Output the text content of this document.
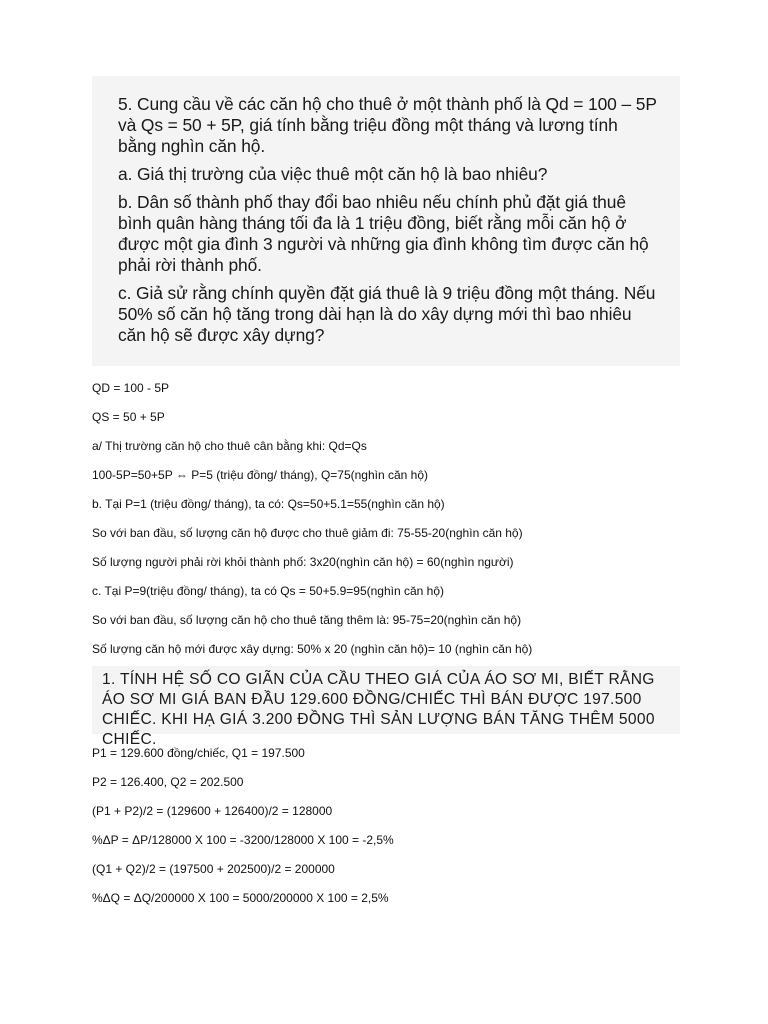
5. Cung cầu về các căn hộ cho thuê ở một thành phố là Qd = 100 – 5P và Qs = 50 + 5P, giá tính bằng triệu đồng một tháng và lương tính bằng nghìn căn hộ.

a. Giá thị trường của việc thuê một căn hộ là bao nhiêu?

b. Dân số thành phố thay đổi bao nhiêu nếu chính phủ đặt giá thuê bình quân hàng tháng tối đa là 1 triệu đồng, biết rằng mỗi căn hộ ở được một gia đình 3 người và những gia đình không tìm được căn hộ phải rời thành phố.

c. Giả sử rằng chính quyền đặt giá thuê là 9 triệu đồng một tháng. Nếu 50% số căn hộ tăng trong dài hạn là do xây dựng mới thì bao nhiêu căn hộ sẽ được xây dựng?

QD = 100 - 5P
QS = 50 + 5P
a/ Thị trường căn hộ cho thuê cân bằng khi: Qd=Qs
100-5P=50+5P ⇔ P=5 (triệu đồng/ tháng), Q=75(nghìn căn hộ)
b. Tại P=1 (triệu đồng/ tháng), ta có: Qs=50+5.1=55(nghìn căn hộ)
So với ban đầu, số lượng căn hộ được cho thuê giảm đi: 75-55-20(nghìn căn hộ)
Số lượng người phải rời khỏi thành phố: 3x20(nghìn căn hộ) = 60(nghìn người)
c. Tại P=9(triệu đồng/ tháng), ta có Qs = 50+5.9=95(nghìn căn hộ)
So với ban đầu, số lượng căn hộ cho thuê tăng thêm là: 95-75=20(nghìn căn hộ)
Số lượng căn hộ mới được xây dựng: 50% x 20 (nghìn căn hộ)= 10 (nghìn căn hộ)

1. TÍNH HỆ SỐ CO GIÃN CỦA CẦU THEO GIÁ CỦA ÁO SƠ MI, BIẾT RẰNG ÁO SƠ MI GIÁ BAN ĐẦU 129.600 ĐỒNG/CHIẾC THÌ BÁN ĐƯỢC 197.500 CHIẾC. KHI HẠ GIÁ 3.200 ĐỒNG THÌ SẢN LƯỢNG BÁN TĂNG THÊM 5000 CHIẾC.

P1 = 129.600 đồng/chiếc, Q1 = 197.500
P2 = 126.400, Q2 = 202.500
(P1 + P2)/2 = (129600 + 126400)/2 = 128000
%ΔP = ΔP/128000 X 100 = -3200/128000 X 100 = -2,5%
(Q1 + Q2)/2 = (197500 + 202500)/2 = 200000
%ΔQ = ΔQ/200000 X 100 = 5000/200000 X 100 = 2,5%
